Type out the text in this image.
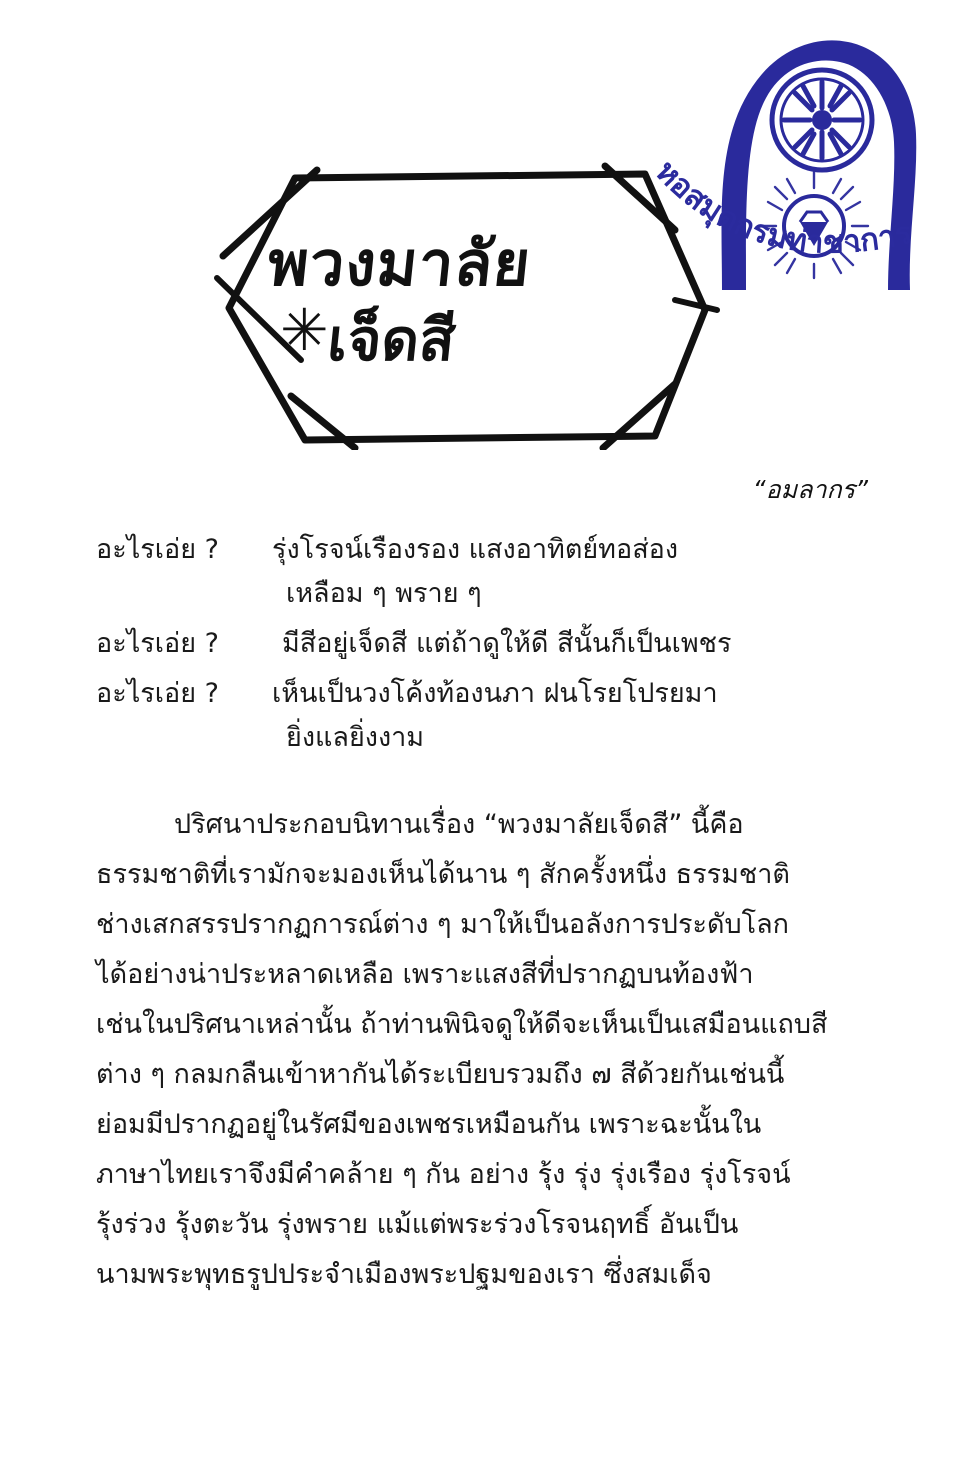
พวงมาลัย
✳
เจ็ดสี
หอสมุดกรมท่าชาการ
“อมลากร”
อะไรเอ่ย ?	รุ่งโรจน์เรืองรอง แสงอาทิตย์ทอส่อง
เหลือม ๆ พราย ๆ
อะไรเอ่ย ?	มีสีอยู่เจ็ดสี แต่ถ้าดูให้ดี สีนั้นก็เป็นเพชร
อะไรเอ่ย ?	เห็นเป็นวงโค้งท้องนภา ฝนโรยโปรยมา
ยิ่งแลยิ่งงาม
ปริศนาประกอบนิทานเรื่อง “พวงมาลัยเจ็ดสี” นี้คือ
ธรรมชาติที่เรามักจะมองเห็นได้นาน ๆ สักครั้งหนึ่ง ธรรมชาติ
ช่างเสกสรรปรากฏการณ์ต่าง ๆ มาให้เป็นอลังการประดับโลก
ได้อย่างน่าประหลาดเหลือ เพราะแสงสีที่ปรากฏบนท้องฟ้า
เช่นในปริศนาเหล่านั้น ถ้าท่านพินิจดูให้ดีจะเห็นเป็นเสมือนแถบสี
ต่าง ๆ กลมกลืนเข้าหากันได้ระเบียบรวมถึง ๗ สีด้วยกันเช่นนี้
ย่อมมีปรากฏอยู่ในรัศมีของเพชรเหมือนกัน เพราะฉะนั้นใน
ภาษาไทยเราจึงมีคำคล้าย ๆ กัน อย่าง รุ้ง รุ่ง รุ่งเรือง รุ่งโรจน์
รุ้งร่วง รุ้งตะวัน รุ่งพราย แม้แต่พระร่วงโรจนฤทธิ์ อันเป็น
นามพระพุทธรูปประจำเมืองพระปฐมของเรา ซึ่งสมเด็จ
